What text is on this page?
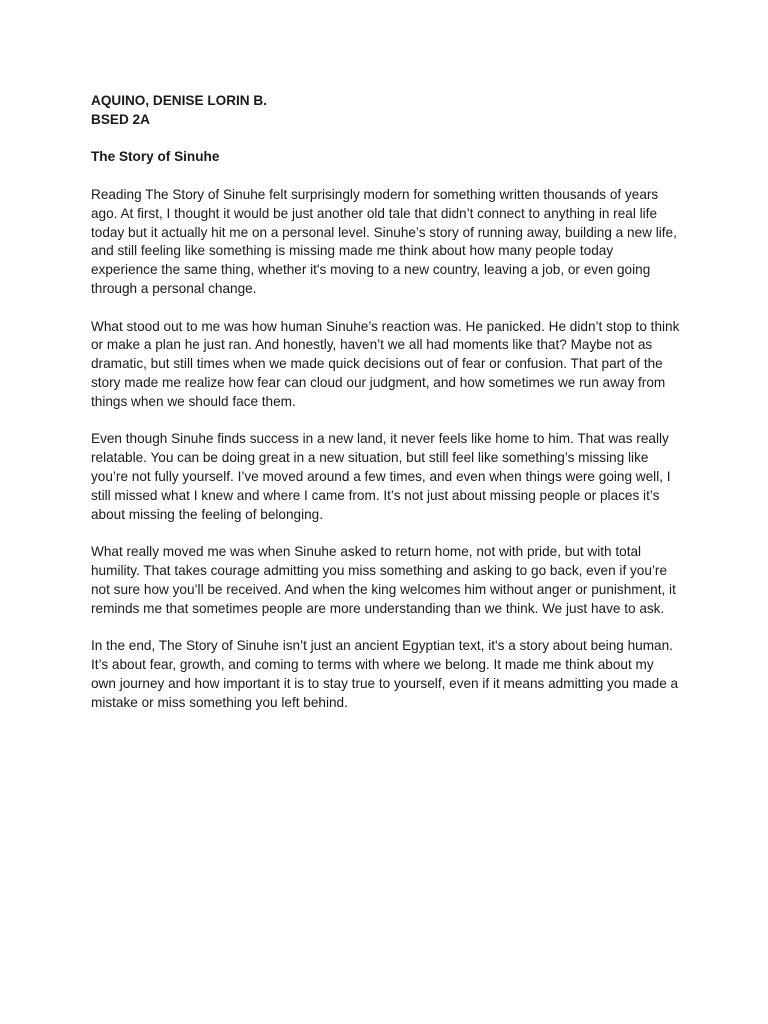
AQUINO, DENISE LORIN B.

BSED 2A

The Story of Sinuhe

Reading The Story of Sinuhe felt surprisingly modern for something written thousands of years ago. At first, I thought it would be just another old tale that didn’t connect to anything in real life today but it actually hit me on a personal level. Sinuhe’s story of running away, building a new life, and still feeling like something is missing made me think about how many people today experience the same thing, whether it's moving to a new country, leaving a job, or even going through a personal change.

What stood out to me was how human Sinuhe’s reaction was. He panicked. He didn’t stop to think or make a plan he just ran. And honestly, haven’t we all had moments like that? Maybe not as dramatic, but still times when we made quick decisions out of fear or confusion. That part of the story made me realize how fear can cloud our judgment, and how sometimes we run away from things when we should face them.

Even though Sinuhe finds success in a new land, it never feels like home to him. That was really relatable. You can be doing great in a new situation, but still feel like something’s missing like you’re not fully yourself. I’ve moved around a few times, and even when things were going well, I still missed what I knew and where I came from. It’s not just about missing people or places it’s about missing the feeling of belonging.

What really moved me was when Sinuhe asked to return home, not with pride, but with total humility. That takes courage admitting you miss something and asking to go back, even if you’re not sure how you’ll be received. And when the king welcomes him without anger or punishment, it reminds me that sometimes people are more understanding than we think. We just have to ask.

In the end, The Story of Sinuhe isn’t just an ancient Egyptian text, it's a story about being human. It’s about fear, growth, and coming to terms with where we belong. It made me think about my own journey and how important it is to stay true to yourself, even if it means admitting you made a mistake or miss something you left behind.
